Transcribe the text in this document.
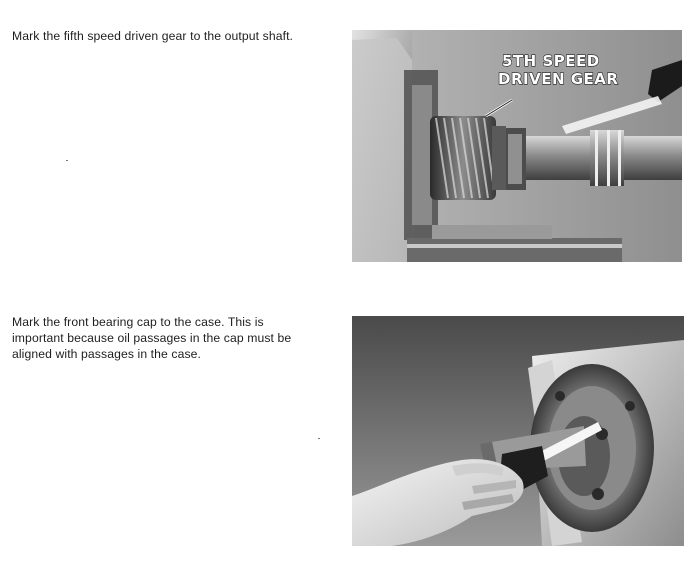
Mark the fifth speed driven gear to the output shaft.

5TH SPEED
DRIVEN GEAR

Mark the front bearing cap to the case. This is important because oil passages in the cap must be aligned with passages in the case.
